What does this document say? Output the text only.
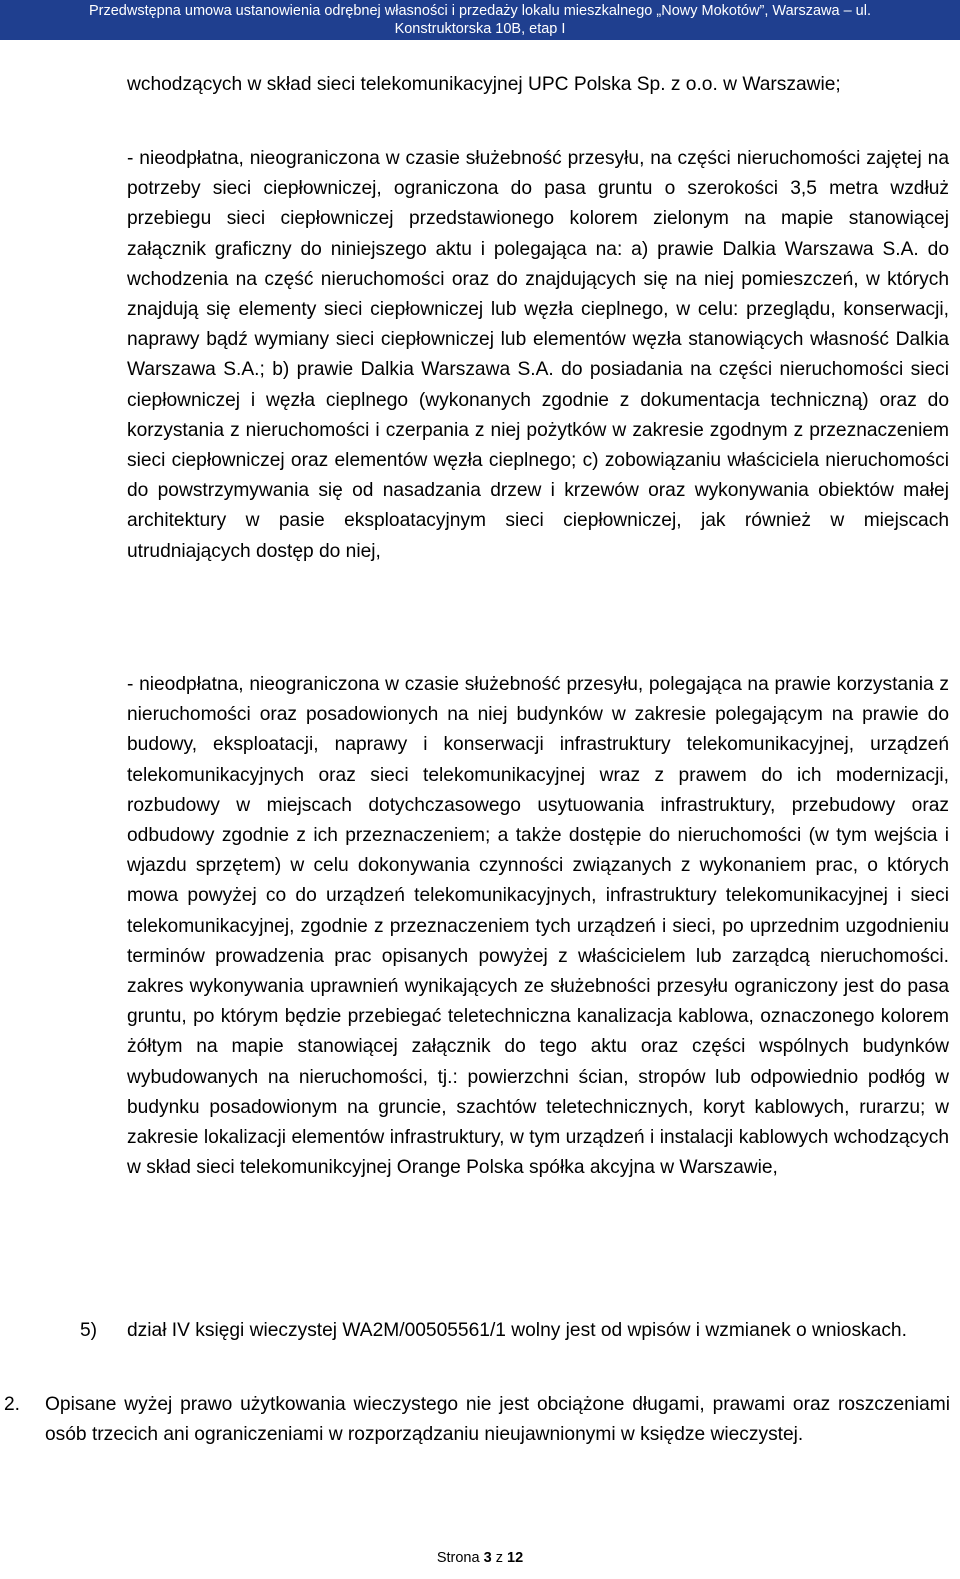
Przedwstępna umowa ustanowienia odrębnej własności i przedaży lokalu mieszkalnego „Nowy Mokotów”, Warszawa – ul.
Konstruktorska 10B, etap I

wchodzących w skład sieci telekomunikacyjnej UPC Polska Sp. z o.o. w Warszawie;

- nieodpłatna, nieograniczona w czasie służebność przesyłu, na części nieruchomości zajętej na potrzeby sieci ciepłowniczej, ograniczona do pasa gruntu o szerokości 3,5 metra wzdłuż przebiegu sieci ciepłowniczej przedstawionego kolorem zielonym na mapie stanowiącej załącznik graficzny do niniejszego aktu i polegająca na: a) prawie Dalkia Warszawa S.A. do wchodzenia na część nieruchomości oraz do znajdujących się na niej pomieszczeń, w których znajdują się elementy sieci ciepłowniczej lub węzła cieplnego, w celu: przeglądu, konserwacji, naprawy bądź wymiany sieci ciepłowniczej lub elementów węzła stanowiących własność Dalkia Warszawa S.A.; b) prawie Dalkia Warszawa S.A. do posiadania na części nieruchomości sieci ciepłowniczej i węzła cieplnego (wykonanych zgodnie z dokumentacja techniczną) oraz do korzystania z nieruchomości i czerpania z niej pożytków w zakresie zgodnym z przeznaczeniem sieci ciepłowniczej oraz elementów węzła cieplnego; c) zobowiązaniu właściciela nieruchomości do powstrzymywania się od nasadzania drzew i krzewów oraz wykonywania obiektów małej architektury w pasie eksploatacyjnym sieci ciepłowniczej, jak również w miejscach utrudniających dostęp do niej,

- nieodpłatna, nieograniczona w czasie służebność przesyłu, polegająca na prawie korzystania z nieruchomości oraz posadowionych na niej budynków w zakresie polegającym na prawie do budowy, eksploatacji, naprawy i konserwacji infrastruktury telekomunikacyjnej, urządzeń telekomunikacyjnych oraz sieci telekomunikacyjnej wraz z prawem do ich modernizacji, rozbudowy w miejscach dotychczasowego usytuowania infrastruktury, przebudowy oraz odbudowy zgodnie z ich przeznaczeniem; a także dostępie do nieruchomości (w tym wejścia i wjazdu sprzętem) w celu dokonywania czynności związanych z wykonaniem prac, o których mowa powyżej co do urządzeń telekomunikacyjnych, infrastruktury telekomunikacyjnej i sieci telekomunikacyjnej, zgodnie z przeznaczeniem tych urządzeń i sieci, po uprzednim uzgodnieniu terminów prowadzenia prac opisanych powyżej z właścicielem lub zarządcą nieruchomości. zakres wykonywania uprawnień wynikających ze służebności przesyłu ograniczony jest do pasa gruntu, po którym będzie przebiegać teletechniczna kanalizacja kablowa, oznaczonego kolorem żółtym na mapie stanowiącej załącznik do tego aktu oraz części wspólnych budynków wybudowanych na nieruchomości, tj.: powierzchni ścian, stropów lub odpowiednio podłóg w budynku posadowionym na gruncie, szachtów teletechnicznych, koryt kablowych, rurarzu; w zakresie lokalizacji elementów infrastruktury, w tym urządzeń i instalacji kablowych wchodzących w skład sieci telekomunikcyjnej Orange Polska spółka akcyjna w Warszawie,

5) dział IV księgi wieczystej WA2M/00505561/1 wolny jest od wpisów i wzmianek o wnioskach.

2. Opisane wyżej prawo użytkowania wieczystego nie jest obciążone długami, prawami oraz roszczeniami osób trzecich ani ograniczeniami w rozporządzaniu nieujawnionymi w księdze wieczystej.

Strona 3 z 12
